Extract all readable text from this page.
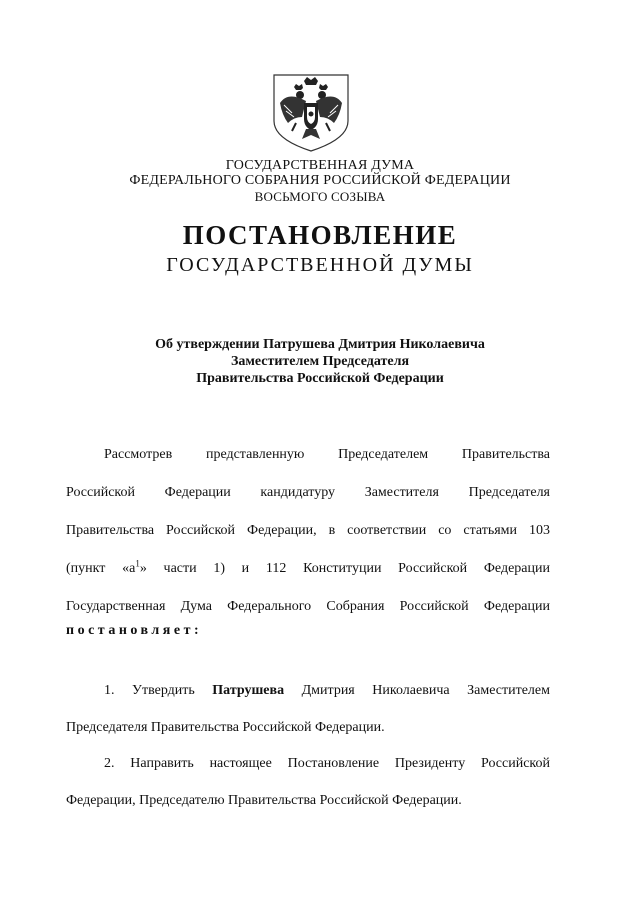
ГОСУДАРСТВЕННАЯ ДУМА
ФЕДЕРАЛЬНОГО СОБРАНИЯ РОССИЙСКОЙ ФЕДЕРАЦИИ
ВОСЬМОГО СОЗЫВА
ПОСТАНОВЛЕНИЕ
ГОСУДАРСТВЕННОЙ ДУМЫ
Об утверждении Патрушева Дмитрия Николаевича
Заместителем Председателя
Правительства Российской Федерации
Рассмотрев представленную Председателем Правительства
Российской Федерации кандидатуру Заместителя Председателя
Правительства Российской Федерации, в соответствии со статьями 103
(пункт «$а^1$» части 1) и 112 Конституции Российской Федерации
Государственная Дума Федерального Собрания Российской Федерации
постановляет:
1. Утвердить Патрушева Дмитрия Николаевича Заместителем
Председателя Правительства Российской Федерации.
2. Направить настоящее Постановление Президенту Российской
Федерации, Председателю Правительства Российской Федерации.
